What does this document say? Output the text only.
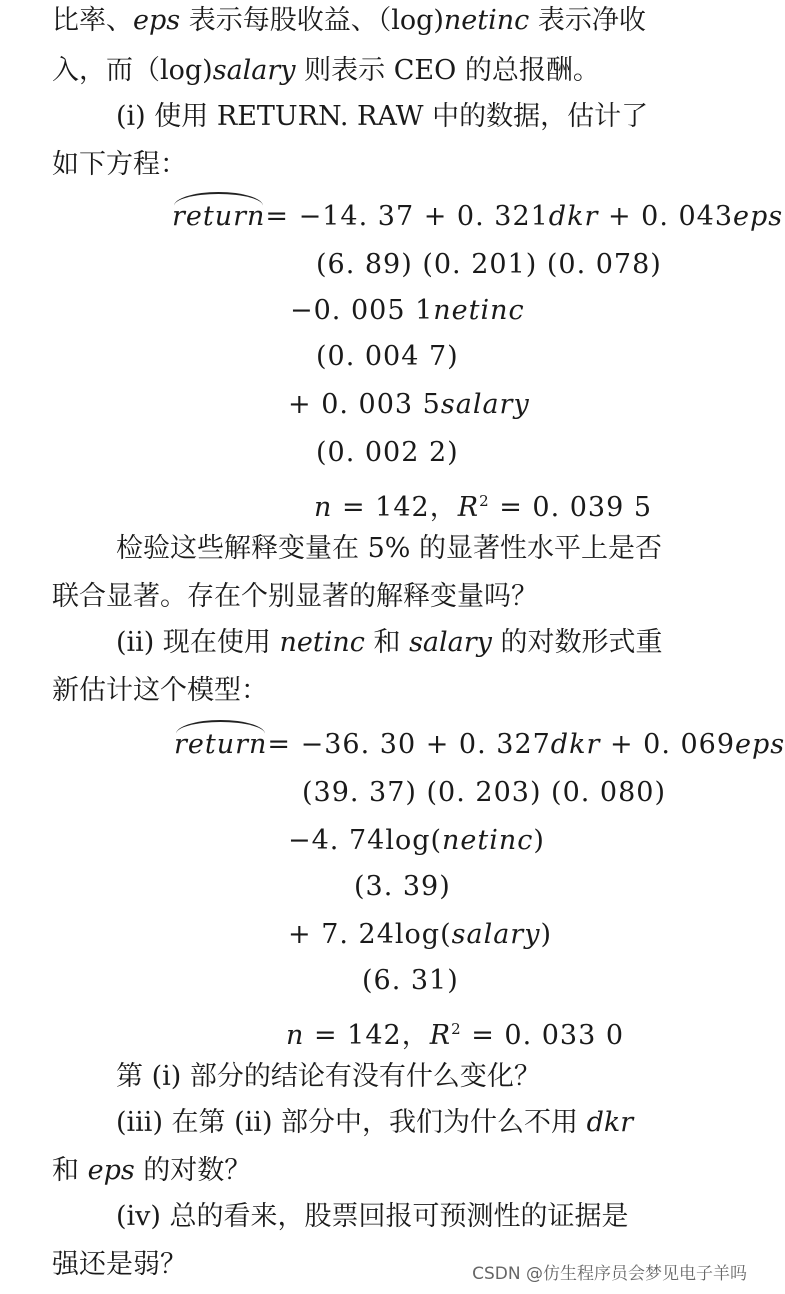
比率、eps 表示每股收益、（log)netinc 表示净收
入，而（log)salary 则表示 CEO 的总报酬。
(i) 使用 RETURN. RAW 中的数据，估计了
如下方程：
return= −14. 37 + 0. 321dkr + 0. 043eps
(6. 89) (0. 201) (0. 078)
−0. 005 1netinc
(0. 004 7)
+ 0. 003 5salary
(0. 002 2)
n = 142，$R^2 = 0$. 039 5
检验这些解释变量在 5% 的显著性水平上是否
联合显著。存在个别显著的解释变量吗？
(ii) 现在使用 netinc 和 salary 的对数形式重
新估计这个模型：
return= −36. 30 + 0. 327dkr + 0. 069eps
(39. 37) (0. 203) (0. 080)
−4. 74log(netinc)
(3. 39)
+ 7. 24log(salary)
(6. 31)
n = 142，$R^2 = 0$. 033 0
第 (i) 部分的结论有没有什么变化？
(iii) 在第 (ii) 部分中，我们为什么不用 dkr
和 eps 的对数？
(iv) 总的看来，股票回报可预测性的证据是
强还是弱？	CSDN @仿生程序员会梦见电子羊吗
